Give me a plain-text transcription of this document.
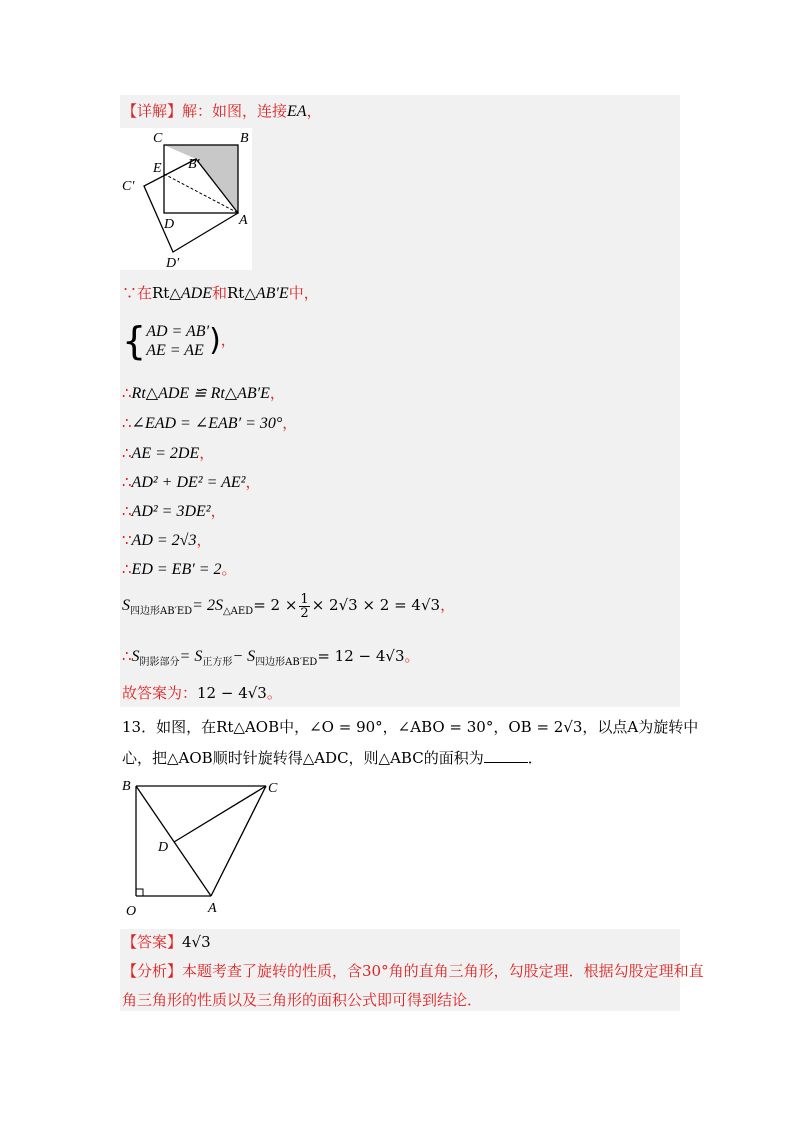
【详解】解：如图，连接EA，
C	B
E B′
C′
D	A
D′
∵在Rt△ADE和Rt△AB′E中，
{AD = AB′
AE = AE )，
∴Rt△ADE ≌ Rt△AB′E，
∴∠EAD = ∠EAB′ = 30°，
∴AE = 2DE，
∴AD² + DE² = AE²，
∴AD² = 3DE²，
∵AD = 2√3，
∴ED = EB′ = 2。
$S_{四边形AB'ED}= 2S_{\triangle AED}= 2 \times \frac{1}{2} \times 2√3 \times 2 = 4√3$，
$\therefore S_{阴影部分}= S_{正方形}- S_{四边形AB'ED}= 12 - 4√3$。
故答案为：12 − 4√3。
13．如图，在Rt△AOB中，∠O = 90°，∠ABO = 30°，OB = 2√3，以点A为旋转中
心，把△AOB顺时针旋转得△ADC，则△ABC的面积为	．
B	C
D
O	A
【答案】4√3
【分析】本题考查了旋转的性质，含30°角的直角三角形，勾股定理．根据勾股定理和直
角三角形的性质以及三角形的面积公式即可得到结论．
